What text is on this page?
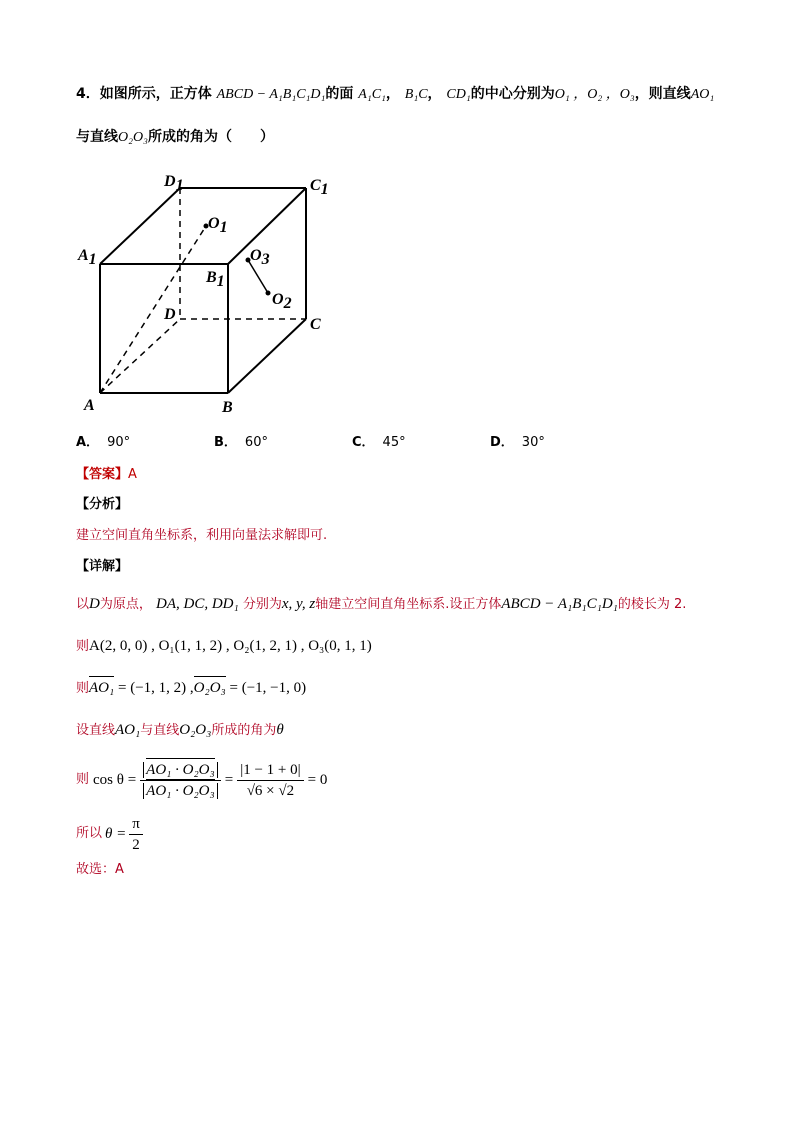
4．如图所示，正方体 ABCD − A₁B₁C₁D₁的面 A₁C₁， B₁C， CD₁的中心分别为O₁ ，O₂ ，O₃，则直线AO₁
与直线O₂O₃所成的角为（　　）
D1	C1
A1
B1
O1
O3
O2
D
C
A	B
A． 90°	B． 60°	C． 45°	D． 30°
【答案】A
【分析】
建立空间直角坐标系，利用向量法求解即可.
【详解】
以D为原点， DA, DC, DD₁ 分别为x, y, z轴建立空间直角坐标系.设正方体ABCD − A₁B₁C₁D₁的棱长为 2.
则A(2, 0, 0) , O₁(1, 1, 2) , O₂(1, 2, 1) , O₃(0, 1, 1)
则AO₁ = (−1, 1, 2) ,O₂O₃ = (−1, −1, 0)
设直线AO₁与直线O₂O₃所成的角为θ
则 $\cos \theta = \frac{\text{AO₁ · O₂O₃}}{\text{AO₁ · O₂O₃}} = \frac{|1 - 1 + 0|}{√6 \times √2} = 0$
所以 $\theta = \frac{\pi}{2}$
故选：A
